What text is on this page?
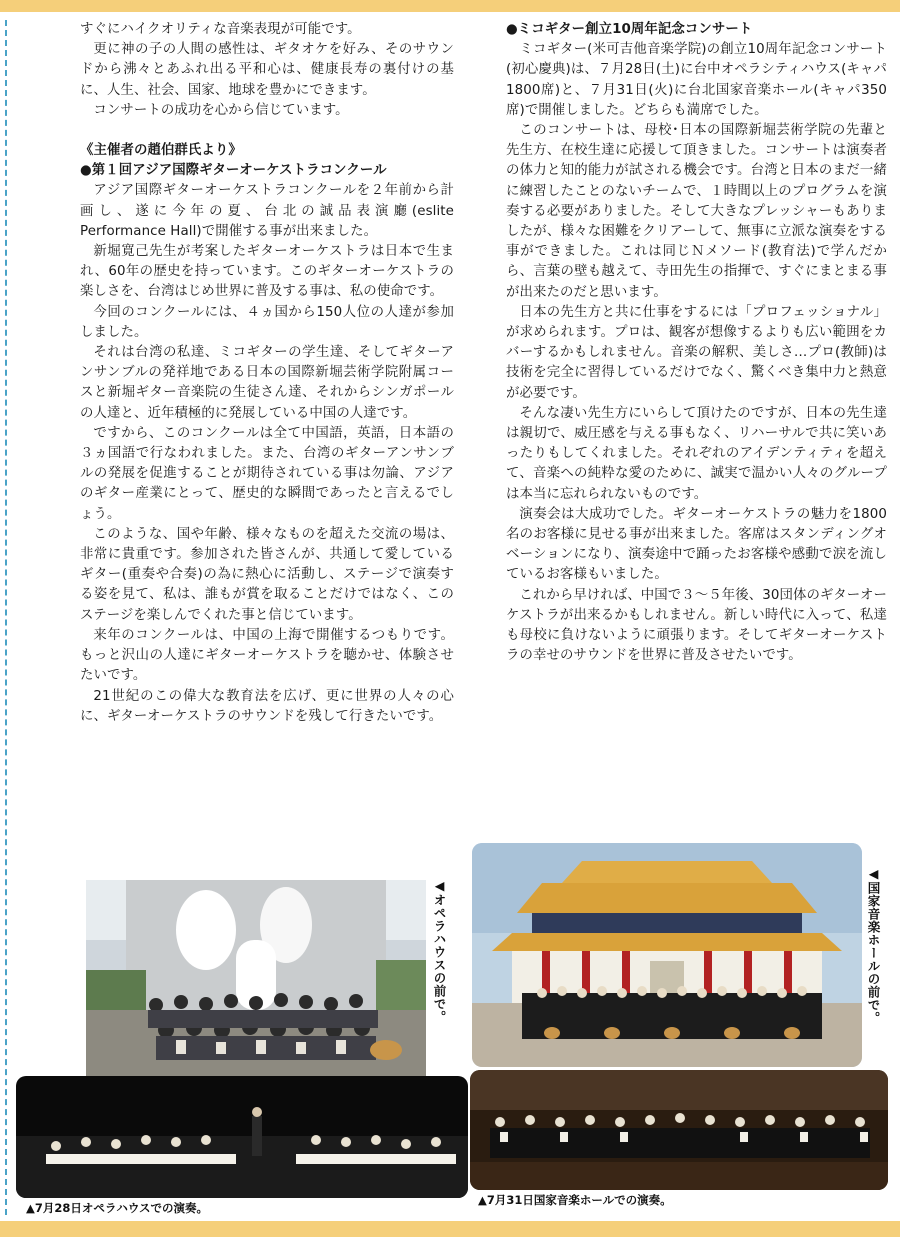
すぐにハイクオリティな音楽表現が可能です。

更に神の子の人間の感性は、ギタオケを好み、そのサウンドから沸々とあふれ出る平和心は、健康長寿の裏付けの基に、人生、社会、国家、地球を豊かにできます。

コンサートの成功を心から信じています。

《主催者の趙伯群氏より》

●第１回アジア国際ギターオーケストラコンクール

アジア国際ギターオーケストラコンクールを２年前から計画し、遂に今年の夏、台北の誠品表演廳(eslite Performance Hall)で開催する事が出来ました。

新堀寛己先生が考案したギターオーケストラは日本で生まれ、60年の歴史を持っています。このギターオーケストラの楽しさを、台湾はじめ世界に普及する事は、私の使命です。

今回のコンクールには、４ヵ国から150人位の人達が参加しました。

それは台湾の私達、ミコギターの学生達、そしてギターアンサンブルの発祥地である日本の国際新堀芸術学院附属コースと新堀ギター音楽院の生徒さん達、それからシンガポールの人達と、近年積極的に発展している中国の人達です。

ですから、このコンクールは全て中国語，英語，日本語の３ヵ国語で行なわれました。また、台湾のギターアンサンブルの発展を促進することが期待されている事は勿論、アジアのギター産業にとって、歴史的な瞬間であったと言えるでしょう。

このような、国や年齢、様々なものを超えた交流の場は、非常に貴重です。参加された皆さんが、共通して愛しているギター(重奏や合奏)の為に熱心に活動し、ステージで演奏する姿を見て、私は、誰もが賞を取ることだけではなく、このステージを楽しんでくれた事と信じています。

来年のコンクールは、中国の上海で開催するつもりです。もっと沢山の人達にギターオーケストラを聴かせ、体験させたいです。

21世紀のこの偉大な教育法を広げ、更に世界の人々の心に、ギターオーケストラのサウンドを残して行きたいです。

●ミコギター創立10周年記念コンサート

ミコギター(米可吉他音楽学院)の創立10周年記念コンサート(初心慶典)は、７月28日(土)に台中オペラシティハウス(キャパ1800席)と、７月31日(火)に台北国家音楽ホール(キャパ350席)で開催しました。どちらも満席でした。

このコンサートは、母校･日本の国際新堀芸術学院の先輩と先生方、在校生達に応援して頂きました。コンサートは演奏者の体力と知的能力が試される機会です。台湾と日本のまだ一緒に練習したことのないチームで、１時間以上のプログラムを演奏する必要がありました。そして大きなプレッシャーもありましたが、様々な困難をクリアーして、無事に立派な演奏をする事ができました。これは同じＮメソード(教育法)で学んだから、言葉の壁も越えて、寺田先生の指揮で、すぐにまとまる事が出来たのだと思います。

日本の先生方と共に仕事をするには「プロフェッショナル」が求められます。プロは、観客が想像するよりも広い範囲をカバーするかもしれません。音楽の解釈、美しさ…プロ(教師)は技術を完全に習得しているだけでなく、驚くべき集中力と熱意が必要です。

そんな凄い先生方にいらして頂けたのですが、日本の先生達は親切で、威圧感を与える事もなく、リハーサルで共に笑いあったりもしてくれました。それぞれのアイデンティティを超えて、音楽への純粋な愛のために、誠実で温かい人々のグループは本当に忘れられないものです。

演奏会は大成功でした。ギターオーケストラの魅力を1800名のお客様に見せる事が出来ました。客席はスタンディングオベーションになり、演奏途中で踊ったお客様や感動で涙を流しているお客様もいました。

これから早ければ、中国で３～５年後、30団体のギターオーケストラが出来るかもしれません。新しい時代に入って、私達も母校に負けないように頑張ります。そしてギターオーケストラの幸せのサウンドを世界に普及させたいです。

◀オペラハウスの前で。	◀国家音楽ホールの前で。
▲7月28日オペラハウスでの演奏。
▲7月31日国家音楽ホールでの演奏。
